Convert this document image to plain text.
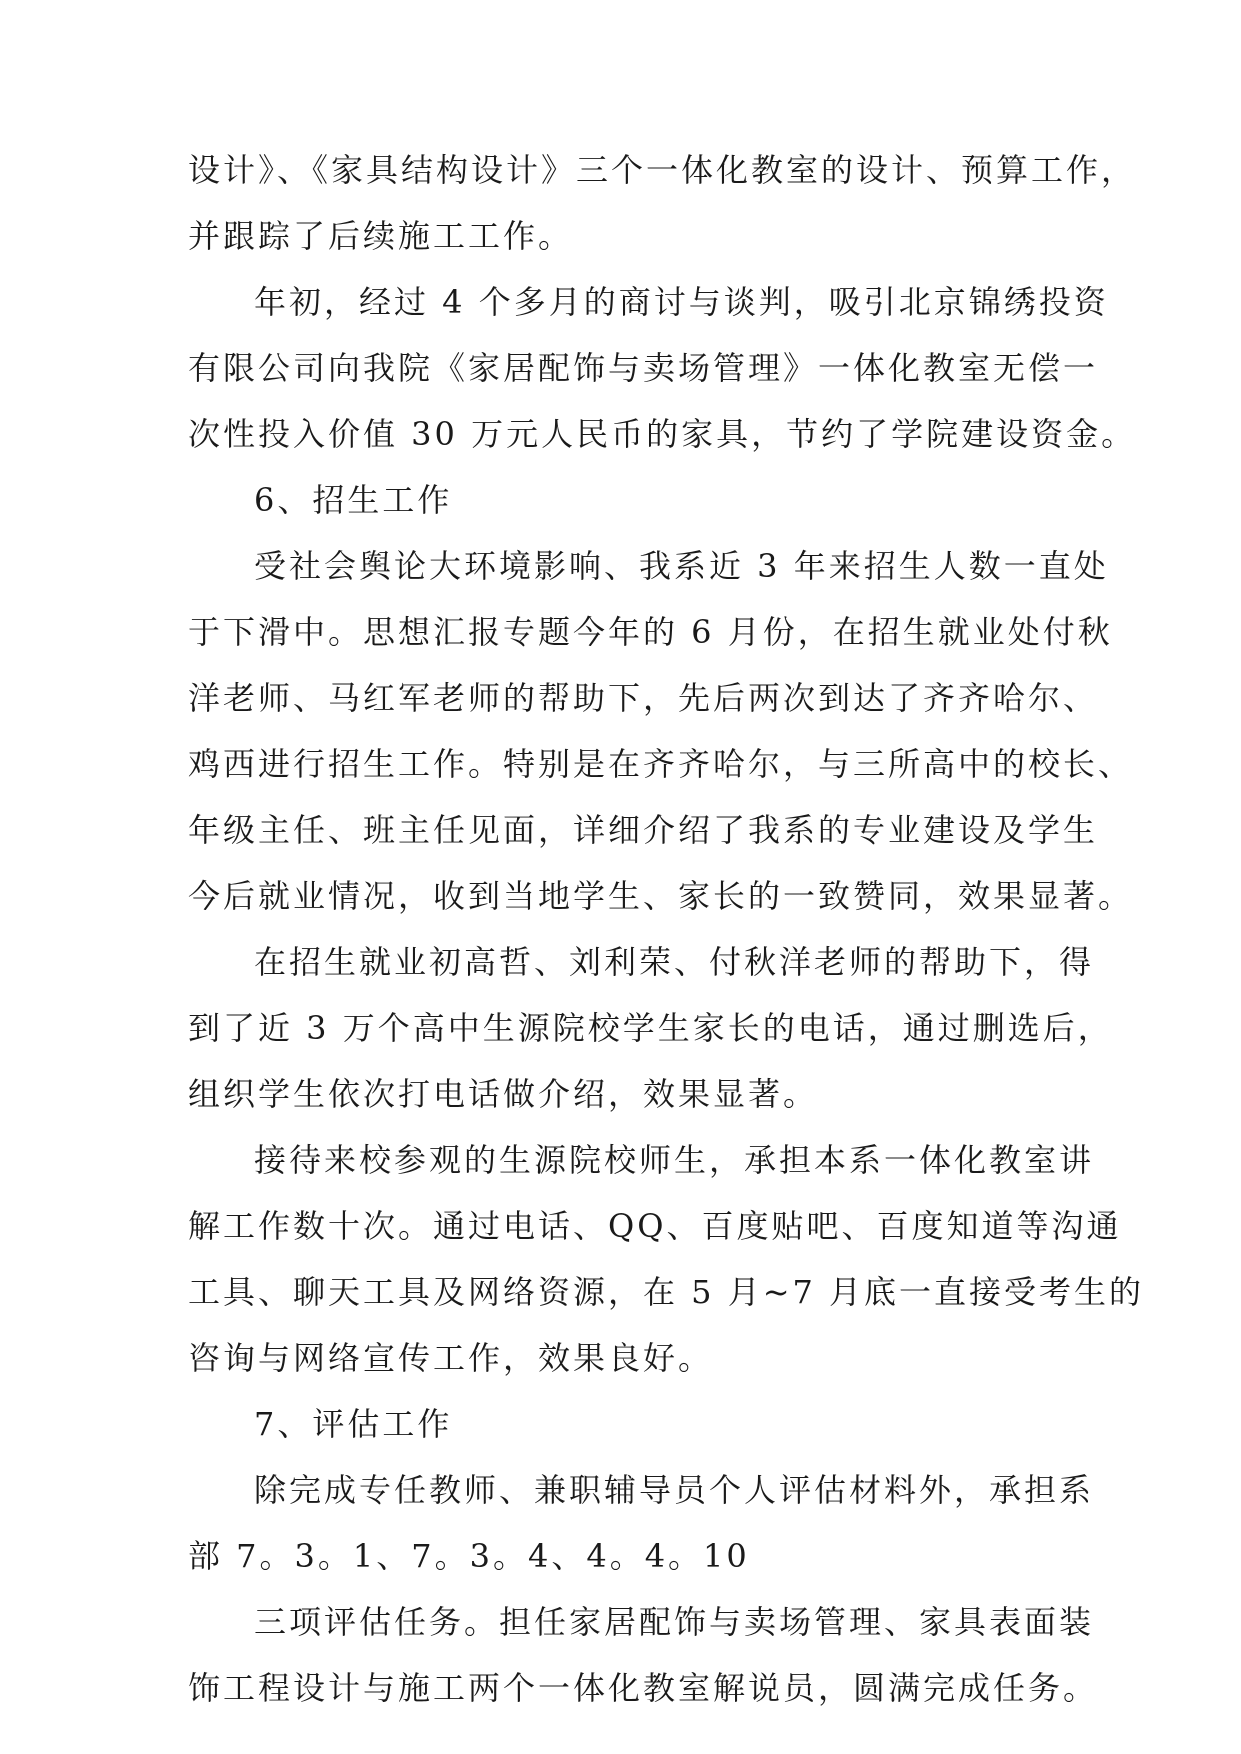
设计》、《家具结构设计》三个一体化教室的设计、预算工作，
并跟踪了后续施工工作。
年初，经过 4 个多月的商讨与谈判，吸引北京锦绣投资
有限公司向我院《家居配饰与卖场管理》一体化教室无偿一
次性投入价值 30 万元人民币的家具，节约了学院建设资金。
6、招生工作
受社会舆论大环境影响、我系近 3 年来招生人数一直处
于下滑中。思想汇报专题今年的 6 月份，在招生就业处付秋
洋老师、马红军老师的帮助下，先后两次到达了齐齐哈尔、
鸡西进行招生工作。特别是在齐齐哈尔，与三所高中的校长、
年级主任、班主任见面，详细介绍了我系的专业建设及学生
今后就业情况，收到当地学生、家长的一致赞同，效果显著。
在招生就业初高哲、刘利荣、付秋洋老师的帮助下，得
到了近 3 万个高中生源院校学生家长的电话，通过删选后，
组织学生依次打电话做介绍，效果显著。
接待来校参观的生源院校师生，承担本系一体化教室讲
解工作数十次。通过电话、QQ、百度贴吧、百度知道等沟通
工具、聊天工具及网络资源，在 5 月~7 月底一直接受考生的
咨询与网络宣传工作，效果良好。
7、评估工作
除完成专任教师、兼职辅导员个人评估材料外，承担系
部 7。3。1、7。3。4、4。4。10
三项评估任务。担任家居配饰与卖场管理、家具表面装
饰工程设计与施工两个一体化教室解说员，圆满完成任务。
